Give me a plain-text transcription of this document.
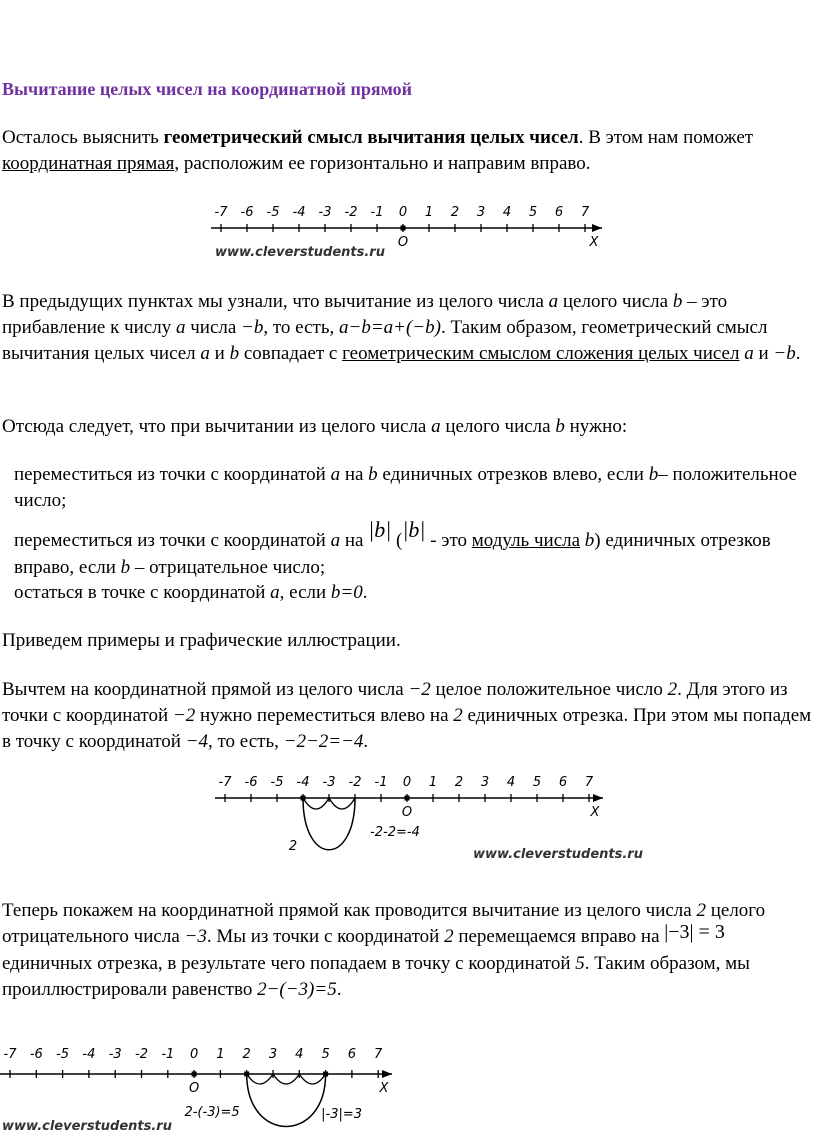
Вычитание целых чисел на координатной прямой
Осталось выяснить геометрический смысл вычитания целых чисел. В этом нам поможет координатная прямая, расположим ее горизонтально и направим вправо.
-7 -6 -5 -4 -3 -2 -1 0 1 2 3 4 5 6 7
O	X
www.cleverstudents.ru
В предыдущих пунктах мы узнали, что вычитание из целого числа a целого числа b – это прибавление к числу a числа −b, то есть, a−b=a+(−b). Таким образом, геометрический смысл вычитания целых чисел a и b совпадает с геометрическим смыслом сложения целых чисел a и −b.
Отсюда следует, что при вычитании из целого числа a целого числа b нужно:
переместиться из точки с координатой a на b единичных отрезков влево, если b– положительное число;
переместиться из точки с координатой a на |b| (|b| - это модуль числа b) единичных отрезков вправо, если b – отрицательное число;
остаться в точке с координатой a, если b=0.
Приведем примеры и графические иллюстрации.
Вычтем на координатной прямой из целого числа −2 целое положительное число 2. Для этого из точки с координатой −2 нужно переместиться влево на 2 единичных отрезка. При этом мы попадем в точку с координатой −4, то есть, −2−2=−4.
-7 -6 -5 -4 -3 -2 -1 0 1 2 3 4 5 6 7
O	X
2
-2-2=-4
www.cleverstudents.ru
Теперь покажем на координатной прямой как проводится вычитание из целого числа 2 целого отрицательного числа −3. Мы из точки с координатой 2 перемещаемся вправо на |−3| = 3 единичных отрезка, в результате чего попадаем в точку с координатой 5. Таким образом, мы проиллюстрировали равенство 2−(−3)=5.
-7 -6 -5 -4 -3 -2 -1 0 1 2 3 4 5 6 7
O	X
2-(-3)=5	|-3|=3
www.cleverstudents.ru
